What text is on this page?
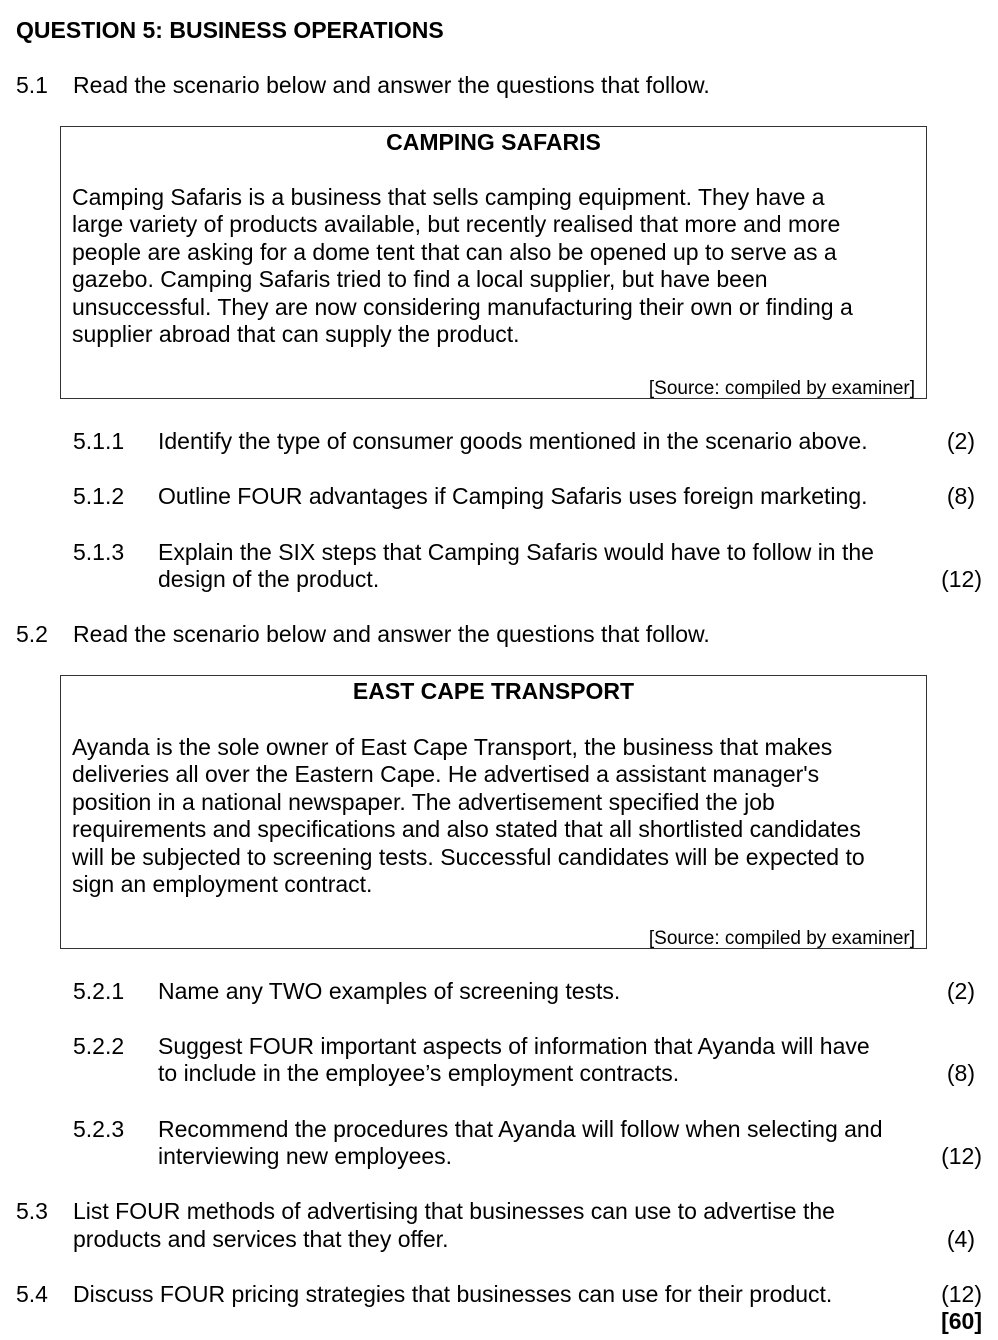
QUESTION 5: BUSINESS OPERATIONS
5.1 Read the scenario below and answer the questions that follow.
CAMPING SAFARIS
Camping Safaris is a business that sells camping equipment. They have a
large variety of products available, but recently realised that more and more
people are asking for a dome tent that can also be opened up to serve as a
gazebo. Camping Safaris tried to find a local supplier, but have been
unsuccessful. They are now considering manufacturing their own or finding a
supplier abroad that can supply the product.
[Source: compiled by examiner]
5.1.1 Identify the type of consumer goods mentioned in the scenario above.	(2)
5.1.2 Outline FOUR advantages if Camping Safaris uses foreign marketing.	(8)
5.1.3 Explain the SIX steps that Camping Safaris would have to follow in the
design of the product.	(12)
5.2 Read the scenario below and answer the questions that follow.
EAST CAPE TRANSPORT
Ayanda is the sole owner of East Cape Transport, the business that makes
deliveries all over the Eastern Cape. He advertised a assistant manager's
position in a national newspaper. The advertisement specified the job
requirements and specifications and also stated that all shortlisted candidates
will be subjected to screening tests. Successful candidates will be expected to
sign an employment contract.
[Source: compiled by examiner]
5.2.1 Name any TWO examples of screening tests.	(2)
5.2.2 Suggest FOUR important aspects of information that Ayanda will have
to include in the employee’s employment contracts.	(8)
5.2.3 Recommend the procedures that Ayanda will follow when selecting and
interviewing new employees.	(12)
5.3 List FOUR methods of advertising that businesses can use to advertise the
products and services that they offer.	(4)
5.4 Discuss FOUR pricing strategies that businesses can use for their product.	(12)
[60]
